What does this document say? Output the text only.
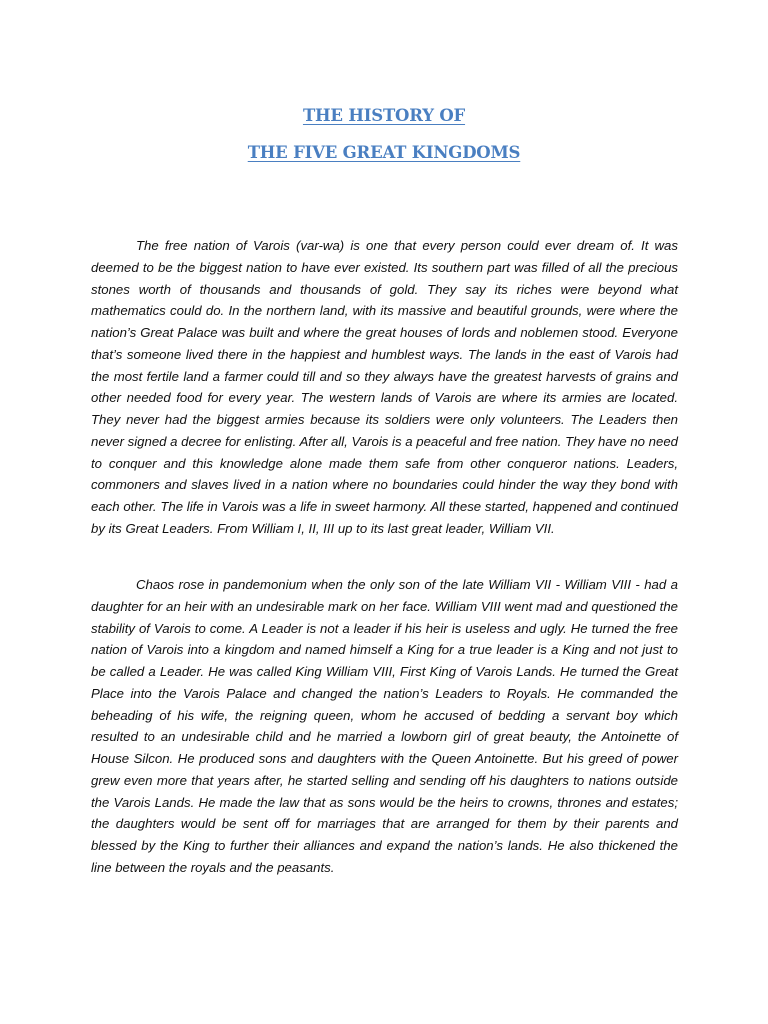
THE HISTORY OF
THE FIVE GREAT KINGDOMS

The free nation of Varois (var-wa) is one that every person could ever dream of. It was deemed to be the biggest nation to have ever existed. Its southern part was filled of all the precious stones worth of thousands and thousands of gold. They say its riches were beyond what mathematics could do. In the northern land, with its massive and beautiful grounds, were where the nation’s Great Palace was built and where the great houses of lords and noblemen stood. Everyone that’s someone lived there in the happiest and humblest ways. The lands in the east of Varois had the most fertile land a farmer could till and so they always have the greatest harvests of grains and other needed food for every year. The western lands of Varois are where its armies are located. They never had the biggest armies because its soldiers were only volunteers. The Leaders then never signed a decree for enlisting. After all, Varois is a peaceful and free nation. They have no need to conquer and this knowledge alone made them safe from other conqueror nations. Leaders, commoners and slaves lived in a nation where no boundaries could hinder the way they bond with each other. The life in Varois was a life in sweet harmony. All these started, happened and continued by its Great Leaders. From William I, II, III up to its last great leader, William VII.

Chaos rose in pandemonium when the only son of the late William VII - William VIII - had a daughter for an heir with an undesirable mark on her face. William VIII went mad and questioned the stability of Varois to come. A Leader is not a leader if his heir is useless and ugly. He turned the free nation of Varois into a kingdom and named himself a King for a true leader is a King and not just to be called a Leader. He was called King William VIII, First King of Varois Lands. He turned the Great Place into the Varois Palace and changed the nation’s Leaders to Royals. He commanded the beheading of his wife, the reigning queen, whom he accused of bedding a servant boy which resulted to an undesirable child and he married a lowborn girl of great beauty, the Antoinette of House Silcon. He produced sons and daughters with the Queen Antoinette. But his greed of power grew even more that years after, he started selling and sending off his daughters to nations outside the Varois Lands. He made the law that as sons would be the heirs to crowns, thrones and estates; the daughters would be sent off for marriages that are arranged for them by their parents and blessed by the King to further their alliances and expand the nation’s lands. He also thickened the line between the royals and the peasants.
